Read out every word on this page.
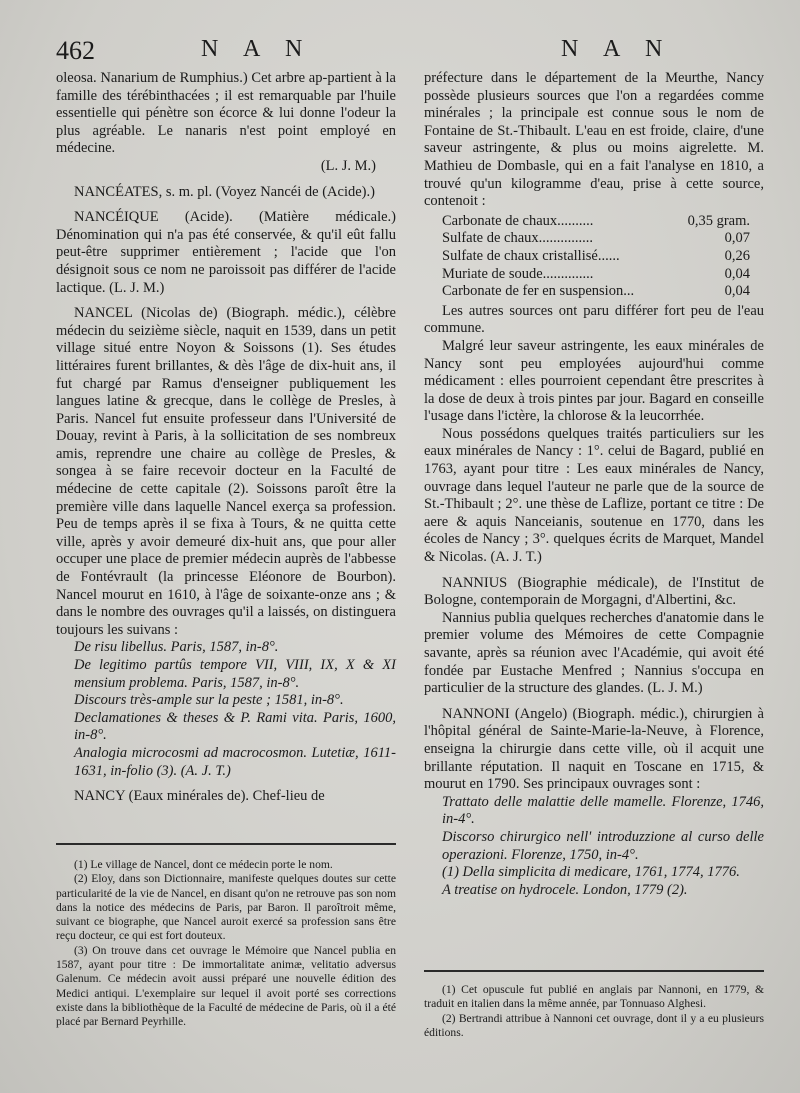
462	N A N	N A N

oleosa. Nanarium de Rumphius.) Cet arbre ap-partient à la famille des térébinthacées ; il est remarquable par l'huile essentielle qui pénètre son écorce & lui donne l'odeur la plus agréable. Le nanaris n'est point employé en médecine.

(L. J. M.)

NANCÉATES, s. m. pl. (Voyez Nancéi de (Acide).)

NANCÉIQUE (Acide). (Matière médicale.) Dénomination qui n'a pas été conservée, & qu'il eût fallu peut-être supprimer entièrement ; l'acide que l'on désignoit sous ce nom ne paroissoit pas différer de l'acide lactique. (L. J. M.)

NANCEL (Nicolas de) (Biograph. médic.), célèbre médecin du seizième siècle, naquit en 1539, dans un petit village situé entre Noyon & Soissons (1). Ses études littéraires furent brillantes, & dès l'âge de dix-huit ans, il fut chargé par Ramus d'enseigner publiquement les langues latine & grecque, dans le collège de Presles, à Paris. Nancel fut ensuite professeur dans l'Université de Douay, revint à Paris, à la sollicitation de ses nombreux amis, reprendre une chaire au collège de Presles, & songea à se faire recevoir docteur en la Faculté de médecine de cette capitale (2). Soissons paroît être la première ville dans laquelle Nancel exerça sa profession. Peu de temps après il se fixa à Tours, & ne quitta cette ville, après y avoir demeuré dix-huit ans, que pour aller occuper une place de premier médecin auprès de l'abbesse de Fontévrault (la princesse Eléonore de Bourbon). Nancel mourut en 1610, à l'âge de soixante-onze ans ; & dans le nombre des ouvrages qu'il a laissés, on distinguera toujours les suivans :

De risu libellus. Paris, 1587, in-8°.

De legitimo partûs tempore VII, VIII, IX, X & XI mensium problema. Paris, 1587, in-8°.

Discours très-ample sur la peste ; 1581, in-8°.

Declamationes & theses & P. Rami vita. Paris, 1600, in-8°.

Analogia microcosmi ad macrocosmon. Lutetiæ, 1611-1631, in-folio (3). (A. J. T.)

NANCY (Eaux minérales de). Chef-lieu de

(1) Le village de Nancel, dont ce médecin porte le nom.

(2) Eloy, dans son Dictionnaire, manifeste quelques doutes sur cette particularité de la vie de Nancel, en disant qu'on ne retrouve pas son nom dans la notice des médecins de Paris, par Baron. Il paroîtroit même, suivant ce biographe, que Nancel auroit exercé sa profession sans être reçu docteur, ce qui est fort douteux.

(3) On trouve dans cet ouvrage le Mémoire que Nancel publia en 1587, ayant pour titre : De immortalitate animæ, velitatio adversus Galenum. Ce médecin avoit aussi préparé une nouvelle édition des Medici antiqui. L'exemplaire sur lequel il avoit porté ses corrections existe dans la bibliothèque de la Faculté de médecine de Paris, où il a été placé par Bernard Peyrhille.

préfecture dans le département de la Meurthe, Nancy possède plusieurs sources que l'on a regardées comme minérales ; la principale est connue sous le nom de Fontaine de St.-Thibault. L'eau en est froide, claire, d'une saveur astringente, & plus ou moins aigrelette. M. Mathieu de Dombasle, qui en a fait l'analyse en 1810, a trouvé qu'un kilogramme d'eau, prise à cette source, contenoit :

Carbonate de chaux..........	0,35 gram.
Sulfate de chaux...............	0,07
Sulfate de chaux cristallisé......	0,26
Muriate de soude..............	0,04
Carbonate de fer en suspension...	0,04

Les autres sources ont paru différer fort peu de l'eau commune.

Malgré leur saveur astringente, les eaux minérales de Nancy sont peu employées aujourd'hui comme médicament : elles pourroient cependant être prescrites à la dose de deux à trois pintes par jour. Bagard en conseille l'usage dans l'ictère, la chlorose & la leucorrhée.

Nous possédons quelques traités particuliers sur les eaux minérales de Nancy : 1°. celui de Bagard, publié en 1763, ayant pour titre : Les eaux minérales de Nancy, ouvrage dans lequel l'auteur ne parle que de la source de St.-Thibault ; 2°. une thèse de Laflize, portant ce titre : De aere & aquis Nanceianis, soutenue en 1770, dans les écoles de Nancy ; 3°. quelques écrits de Marquet, Mandel & Nicolas. (A. J. T.)

NANNIUS (Biographie médicale), de l'Institut de Bologne, contemporain de Morgagni, d'Albertini, &c.

Nannius publia quelques recherches d'anatomie dans le premier volume des Mémoires de cette Compagnie savante, après sa réunion avec l'Académie, qui avoit été fondée par Eustache Menfred ; Nannius s'occupa en particulier de la structure des glandes. (L. J. M.)

NANNONI (Angelo) (Biograph. médic.), chirurgien à l'hôpital général de Sainte-Marie-la-Neuve, à Florence, enseigna la chirurgie dans cette ville, où il acquit une brillante réputation. Il naquit en Toscane en 1715, & mourut en 1790. Ses principaux ouvrages sont :

Trattato delle malattie delle mamelle. Florenze, 1746, in-4°.

Discorso chirurgico nell' introduzzione al curso delle operazioni. Florenze, 1750, in-4°.

(1) Della simplicita di medicare, 1761, 1774, 1776.

A treatise on hydrocele. London, 1779 (2).

(1) Cet opuscule fut publié en anglais par Nannoni, en 1779, & traduit en italien dans la même année, par Tonnuaso Alghesi.

(2) Bertrandi attribue à Nannoni cet ouvrage, dont il y a eu plusieurs éditions.
